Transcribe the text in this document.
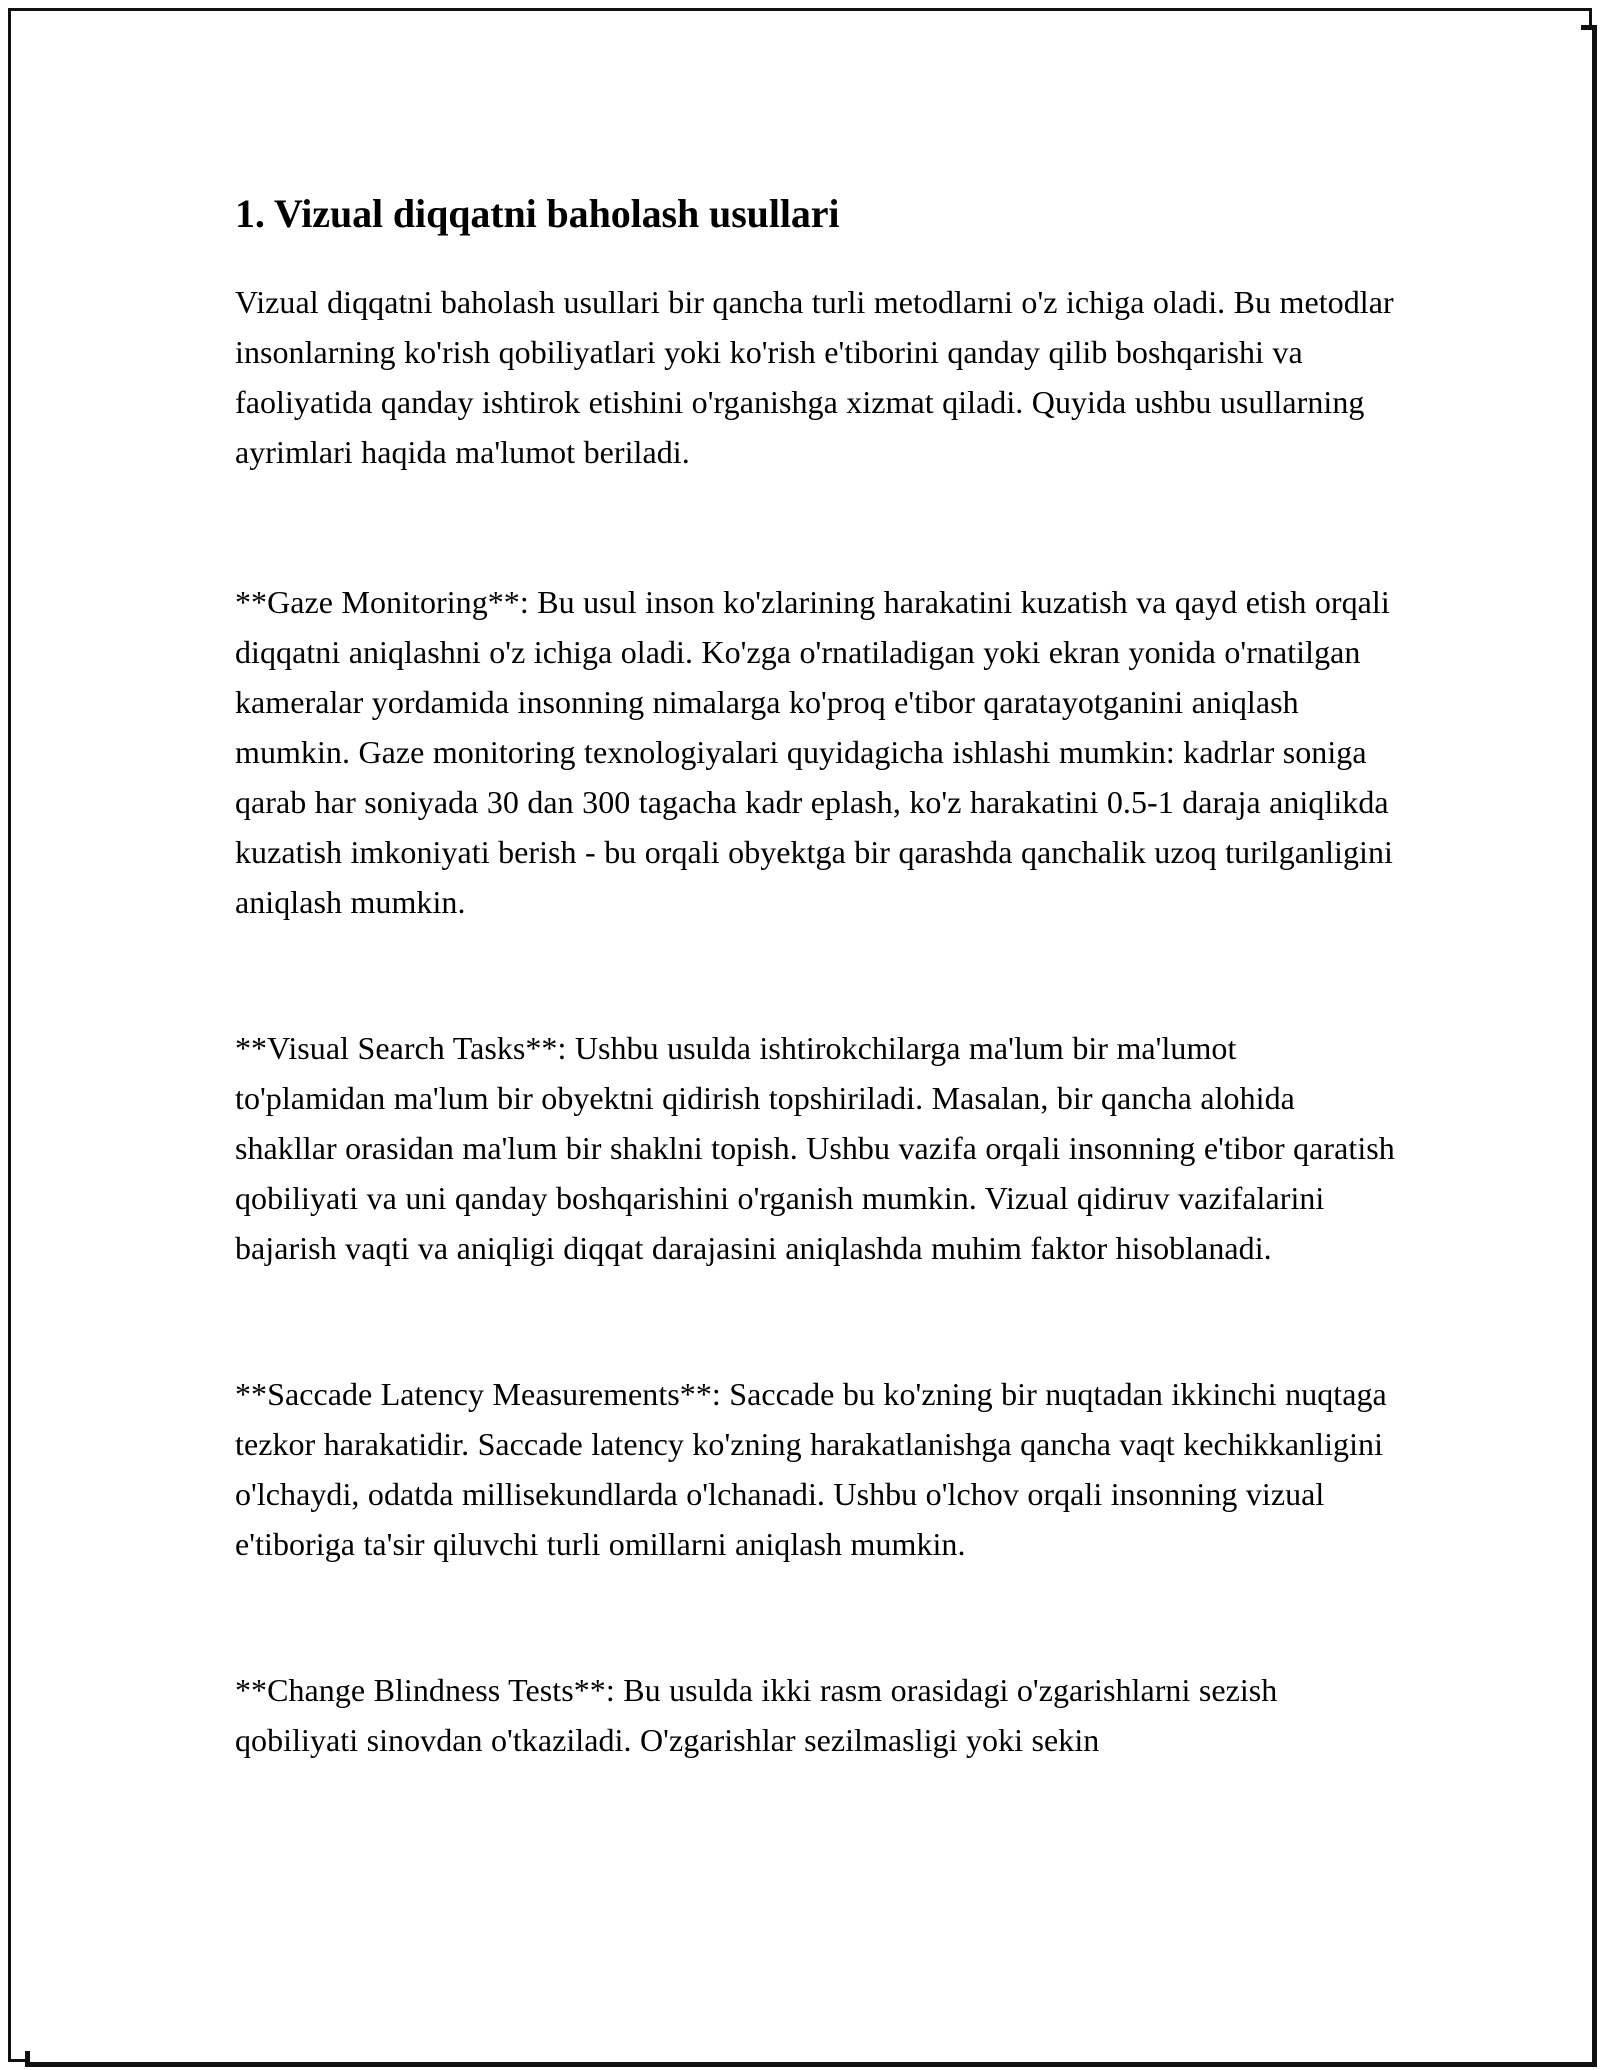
1. Vizual diqqatni baholash usullari

Vizual diqqatni baholash usullari bir qancha turli metodlarni o'z ichiga oladi. Bu metodlar insonlarning ko'rish qobiliyatlari yoki ko'rish e'tiborini qanday qilib boshqarishi va faoliyatida qanday ishtirok etishini o'rganishga xizmat qiladi. Quyida ushbu usullarning ayrimlari haqida ma'lumot beriladi.

**Gaze Monitoring**: Bu usul inson ko'zlarining harakatini kuzatish va qayd etish orqali diqqatni aniqlashni o'z ichiga oladi. Ko'zga o'rnatiladigan yoki ekran yonida o'rnatilgan kameralar yordamida insonning nimalarga ko'proq e'tibor qaratayotganini aniqlash mumkin. Gaze monitoring texnologiyalari quyidagicha ishlashi mumkin: kadrlar soniga qarab har soniyada 30 dan 300 tagacha kadr eplash, ko'z harakatini 0.5-1 daraja aniqlikda kuzatish imkoniyati berish - bu orqali obyektga bir qarashda qanchalik uzoq turilganligini aniqlash mumkin.

**Visual Search Tasks**: Ushbu usulda ishtirokchilarga ma'lum bir ma'lumot to'plamidan ma'lum bir obyektni qidirish topshiriladi. Masalan, bir qancha alohida shakllar orasidan ma'lum bir shaklni topish. Ushbu vazifa orqali insonning e'tibor qaratish qobiliyati va uni qanday boshqarishini o'rganish mumkin. Vizual qidiruv vazifalarini bajarish vaqti va aniqligi diqqat darajasini aniqlashda muhim faktor hisoblanadi.

**Saccade Latency Measurements**: Saccade bu ko'zning bir nuqtadan ikkinchi nuqtaga tezkor harakatidir. Saccade latency ko'zning harakatlanishga qancha vaqt kechikkanligini o'lchaydi, odatda millisekundlarda o'lchanadi. Ushbu o'lchov orqali insonning vizual e'tiboriga ta'sir qiluvchi turli omillarni aniqlash mumkin.

**Change Blindness Tests**: Bu usulda ikki rasm orasidagi o'zgarishlarni sezish qobiliyati sinovdan o'tkaziladi. O'zgarishlar sezilmasligi yoki sekin
